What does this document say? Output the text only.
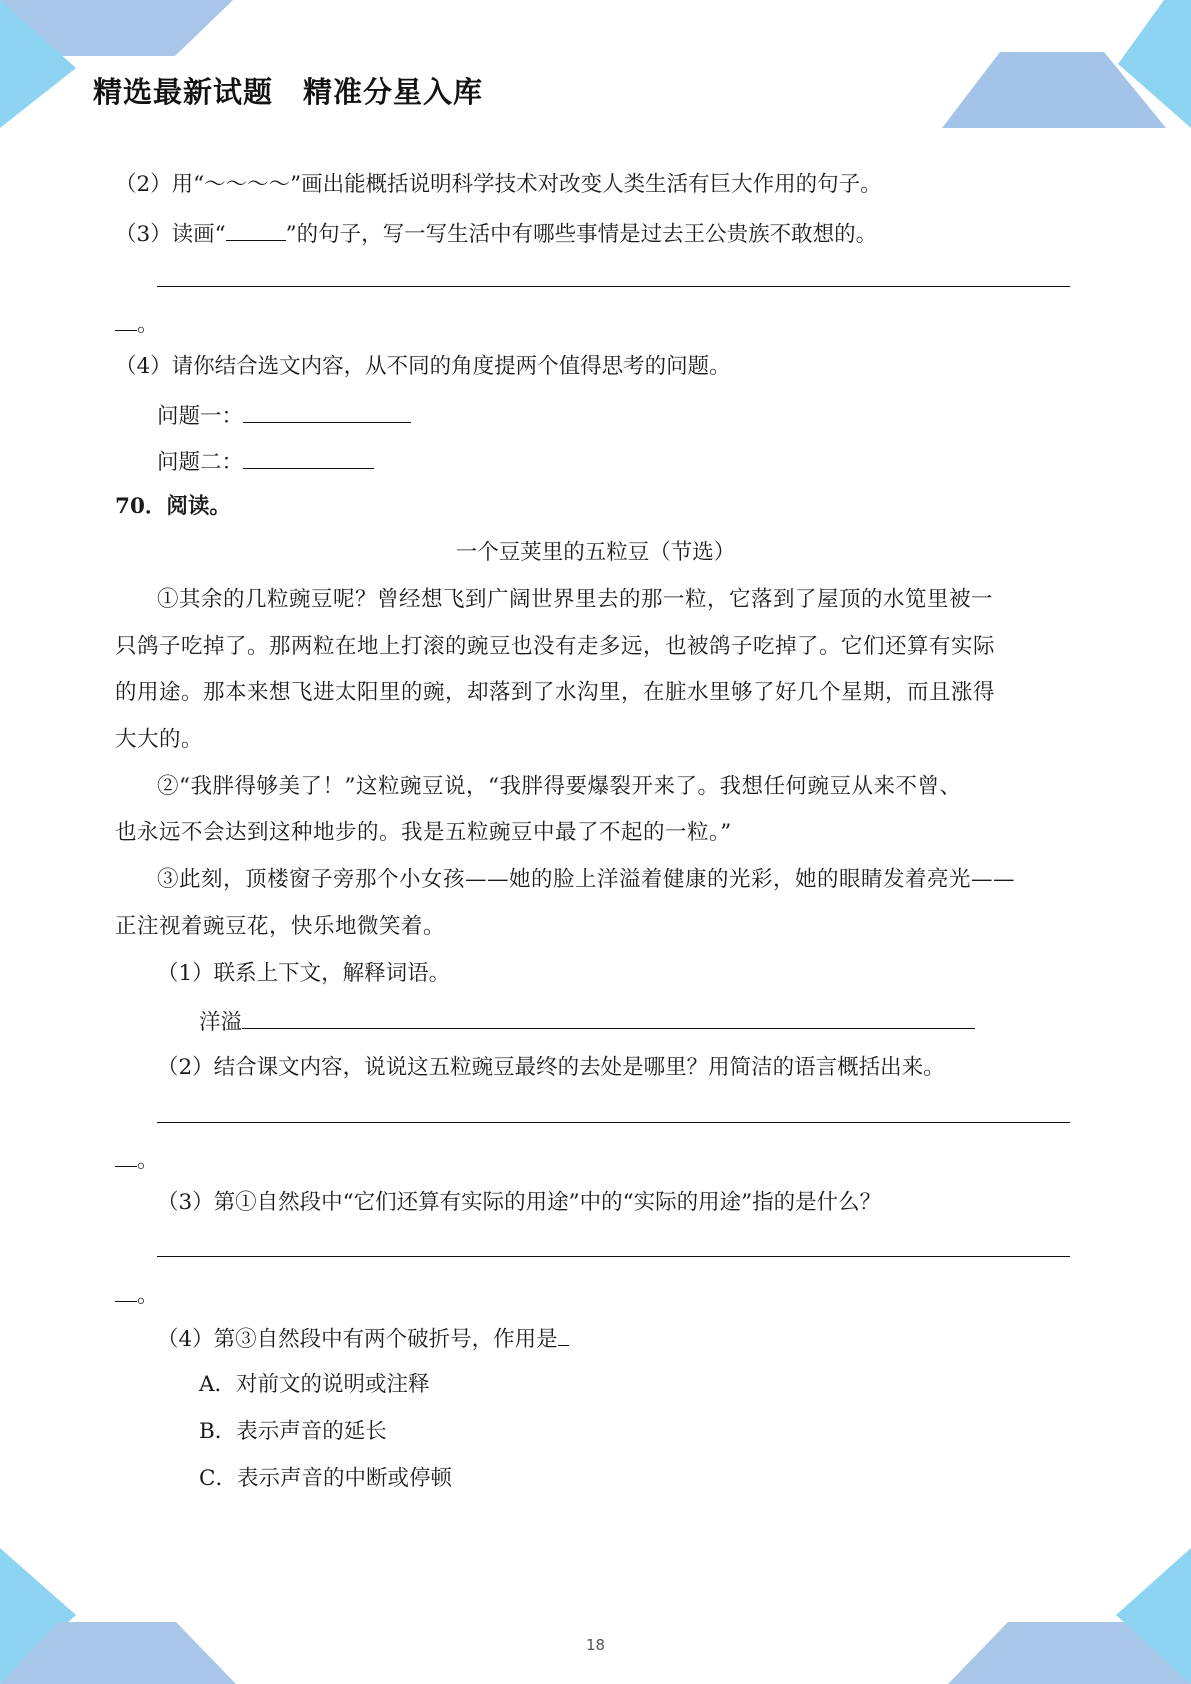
精选最新试题　精准分星入库
（2）用“～～～～”画出能概括说明科学技术对改变人类生活有巨大作用的句子。
（3）读画“	”的句子，写一写生活中有哪些事情是过去王公贵族不敢想的。
。
（4）请你结合选文内容，从不同的角度提两个值得思考的问题。
问题一：
问题二：
70．阅读。
一个豆荚里的五粒豆（节选）
①其余的几粒豌豆呢？曾经想飞到广阔世界里去的那一粒，它落到了屋顶的水笕里被一
只鸽子吃掉了。那两粒在地上打滚的豌豆也没有走多远，也被鸽子吃掉了。它们还算有实际
的用途。那本来想飞进太阳里的豌，却落到了水沟里，在脏水里够了好几个星期，而且涨得
大大的。
②“我胖得够美了！”这粒豌豆说，“我胖得要爆裂开来了。我想任何豌豆从来不曾、
也永远不会达到这种地步的。我是五粒豌豆中最了不起的一粒。”
③此刻，顶楼窗子旁那个小女孩——她的脸上洋溢着健康的光彩，她的眼睛发着亮光——
正注视着豌豆花，快乐地微笑着。
（1）联系上下文，解释词语。
洋溢
（2）结合课文内容，说说这五粒豌豆最终的去处是哪里？用简洁的语言概括出来。
。
（3）第①自然段中“它们还算有实际的用途”中的“实际的用途”指的是什么？
。
（4）第③自然段中有两个破折号，作用是
A．对前文的说明或注释
B．表示声音的延长
C．表示声音的中断或停顿
18
